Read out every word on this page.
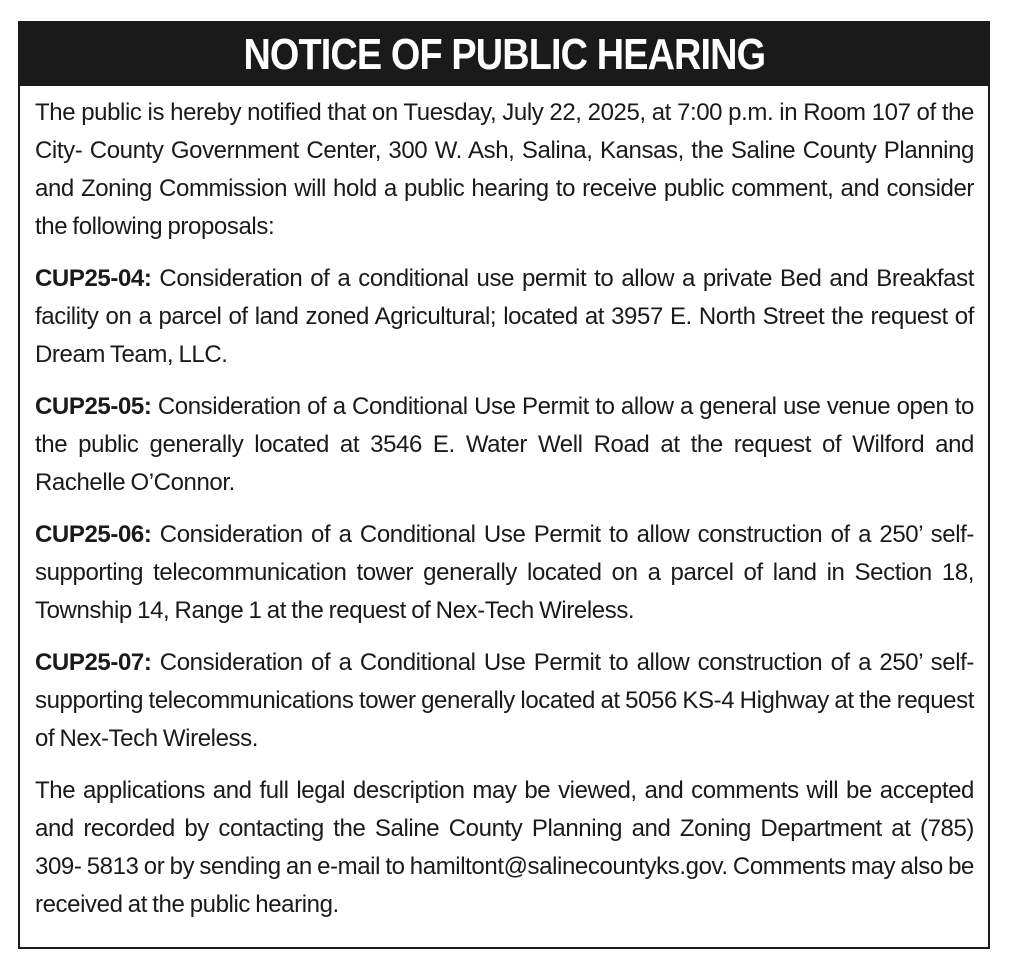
NOTICE OF PUBLIC HEARING

The public is hereby notified that on Tuesday, July 22, 2025, at 7:00 p.m. in Room 107 of the City- County Government Center, 300 W. Ash, Salina, Kansas, the Saline County Planning and Zoning Commission will hold a public hearing to receive public comment, and consider the following proposals:

CUP25-04: Consideration of a conditional use permit to allow a private Bed and Breakfast facility on a parcel of land zoned Agricultural; located at 3957 E. North Street the request of Dream Team, LLC.

CUP25-05: Consideration of a Conditional Use Permit to allow a general use venue open to the public generally located at 3546 E. Water Well Road at the request of Wilford and Rachelle O’Connor.

CUP25-06: Consideration of a Conditional Use Permit to allow construction of a 250’ self- supporting telecommunication tower generally located on a parcel of land in Section 18, Township 14, Range 1 at the request of Nex-Tech Wireless.

CUP25-07: Consideration of a Conditional Use Permit to allow construction of a 250’ self- supporting telecommunications tower generally located at 5056 KS-4 Highway at the request of Nex-Tech Wireless.

The applications and full legal description may be viewed, and comments will be accepted and recorded by contacting the Saline County Planning and Zoning Department at (785) 309- 5813 or by sending an e-mail to hamiltont@salinecountyks.gov. Comments may also be received at the public hearing.
